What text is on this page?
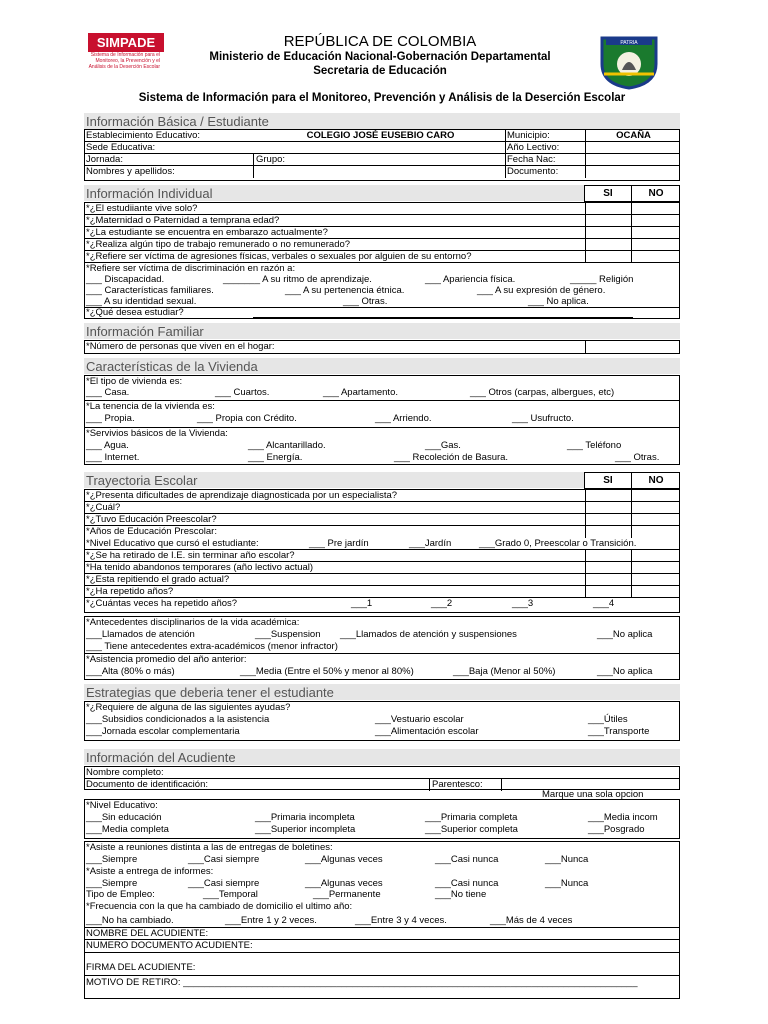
SIMPADE
Sistema de Información para el Monitoreo, la Prevención y el Análisis de la Deserción Escolar
REPÚBLICA DE COLOMBIA
Ministerio de Educación Nacional-Gobernación Departamental
Secretaria de Educación
PATRIA
Sistema de Información para el Monitoreo, Prevención y Análisis de la Deserción Escolar
Información Básica / Estudiante
Establecimiento Educativo:	COLEGIO JOSÉ EUSEBIO CARO	Municipio:	OCAÑA
Sede Educativa:	Año Lectivo:
Jornada:	Grupo:	Fecha Nac:
Nombres y apellidos:	Documento:
Información Individual	SI	NO
*¿El estudiiante vive solo?
*¿Maternidad o Paternidad a temprana edad?
*¿La estudiante se encuentra en embarazo actualmente?
*¿Realiza algún tipo de trabajo remunerado o no remunerado?
*¿Refiere ser víctima de agresiones físicas, verbales o sexuales por alguien de su entorno?
*Refiere ser víctima de discriminación en razón a:
___ Discapacidad.	_______ A su ritmo de aprendizaje.	___ Apariencia física.	_____ Religión
___ Características familiares.	___ A su pertenencia étnica.	___ A su expresión de género.
___ A su identidad sexual.	___ Otras.	___ No aplica.
*¿Qué desea estudiar?
Información Familiar
*Número de personas que viven en el hogar:
Características de la Vivienda
*El tipo de vivienda es:
___ Casa.	___ Cuartos.	___ Apartamento.	___ Otros (carpas, albergues, etc)
*La tenencia de la vivienda es:
___ Propia.	___ Propia con Crédito.	___ Arriendo.	___ Usufructo.
*Servivios básicos de la Vivienda:
___ Agua.	___ Alcantarillado.	___Gas.	___ Teléfono
___ Internet.	___ Energía.	___ Recoleción de Basura.	___ Otras.
Trayectoria Escolar	SI	NO
*¿Presenta dificultades de aprendizaje diagnosticada por un especialista?
*¿Cuál?
*¿Tuvo Educación Preescolar?
*Años de Educación Prescolar:
*Nivel Educativo que cursó el estudiante:	___ Pre jardín	___Jardín	___Grado 0, Preescolar o Transición.
*¿Se ha retirado de I.E. sin terminar año escolar?
*Ha tenido abandonos temporares (año lectivo actual)
*¿Esta repitiendo el grado actual?
*¿Ha repetido años?
*¿Cuántas veces ha repetido años?	___1	___2	___3	___4
*Antecedentes disciplinarios de la vida académica:
___Llamados de atención	___Suspension ___Llamados de atención y suspensiones	___No aplica
___ Tiene antecedentes extra-académicos (menor infractor)
*Asistencia promedio del año anterior:
___Alta (80% o más)	___Media (Entre el 50% y menor al 80%)	___Baja (Menor al 50%)	___No aplica
Estrategias que deberia tener el estudiante
*¿Requiere de alguna de las siguientes ayudas?
___Subsidios condicionados a la asistencia	___Vestuario escolar	___Útiles
___Jornada escolar complementaria	___Alimentación escolar	___Transporte
Información del Acudiente
Nombre completo:
Documento de identificación:	Parentesco:
Marque una sola opcion
*Nivel Educativo:
___Sin educación	___Primaria incompleta	___Primaria completa	___Media incom
___Media completa	___Superior incompleta	___Superior completa	___Posgrado
*Asiste a reuniones distinta a las de entregas de boletines:
___Siempre	___Casi siempre	___Algunas veces	___Casi nunca	___Nunca
*Asiste a entrega de informes:
___Siempre	___Casi siempre	___Algunas veces	___Casi nunca	___Nunca
Tipo de Empleo:	___Temporal	___Permanente	___No tiene
*Frecuencia con la que ha cambiado de domicilio el ultimo año:
___No ha cambiado.	___Entre 1 y 2 veces.	___Entre 3 y 4 veces.	___Más de 4 veces
NOMBRE DEL ACUDIENTE:
NUMERO DOCUMENTO ACUDIENTE:
FIRMA DEL ACUDIENTE:
MOTIVO DE RETIRO: ______________________________________________________________________________________
